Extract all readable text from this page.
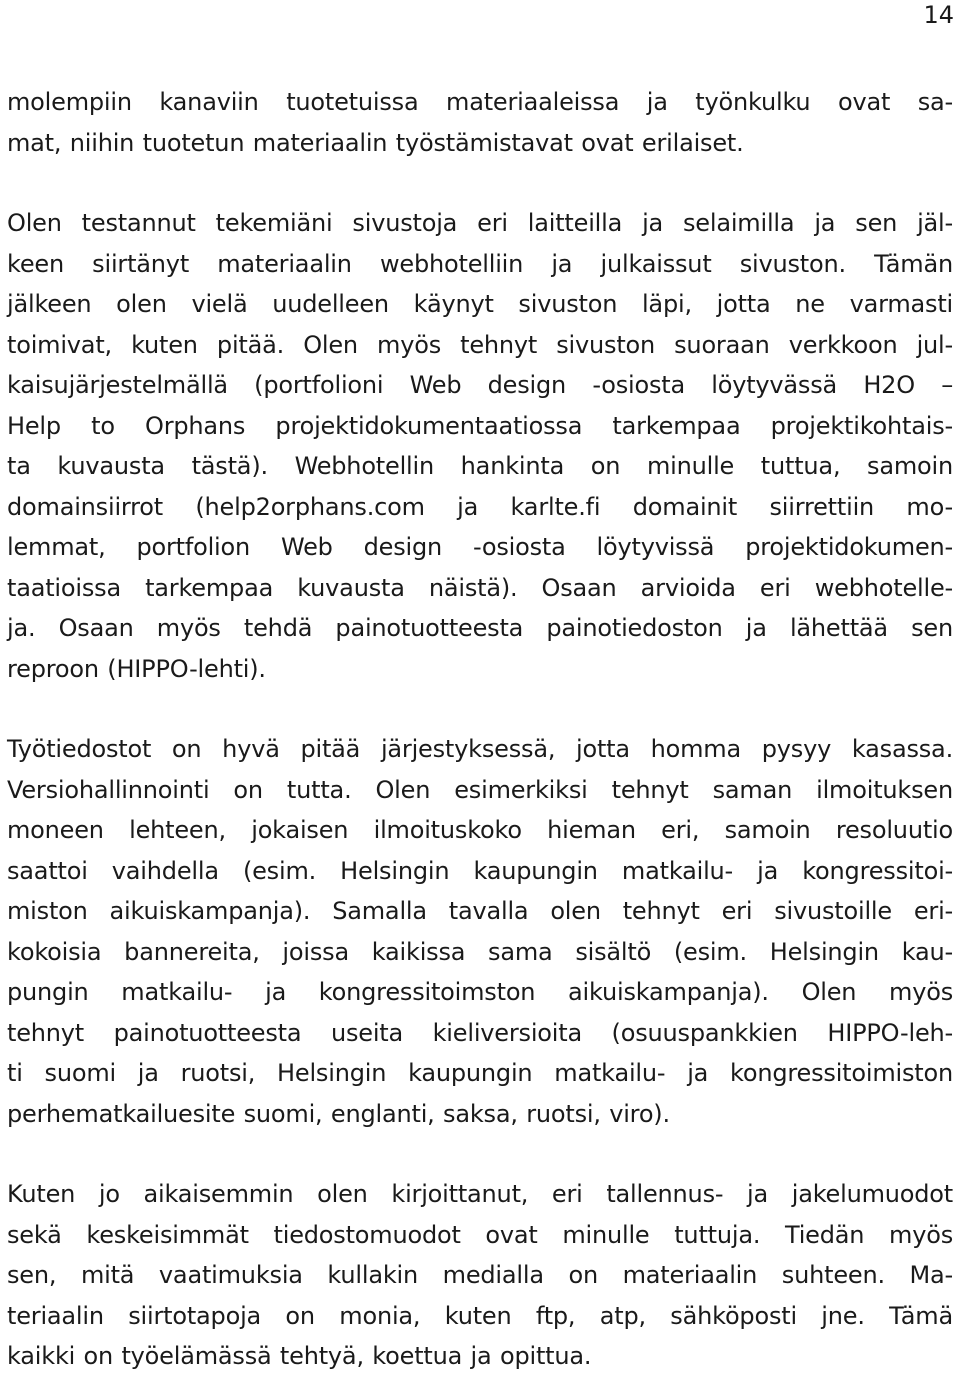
14

molempiin kanaviin tuotetuissa materiaaleissa ja työnkulku ovat sa-
mat, niihin tuotetun materiaalin työstämistavat ovat erilaiset.

Olen testannut tekemiäni sivustoja eri laitteilla ja selaimilla ja sen jäl-
keen siirtänyt materiaalin webhotelliin ja julkaissut sivuston. Tämän
jälkeen olen vielä uudelleen käynyt sivuston läpi, jotta ne varmasti
toimivat, kuten pitää. Olen myös tehnyt sivuston suoraan verkkoon jul-
kaisujärjestelmällä (portfolioni Web design -osiosta löytyvässä H2O –
Help to Orphans projektidokumentaatiossa tarkempaa projektikohtais-
ta kuvausta tästä). Webhotellin hankinta on minulle tuttua, samoin
domainsiirrot (help2orphans.com ja karlte.fi domainit siirrettiin mo-
lemmat, portfolion Web design -osiosta löytyvissä projektidokumen-
taatioissa tarkempaa kuvausta näistä). Osaan arvioida eri webhotelle-
ja. Osaan myös tehdä painotuotteesta painotiedoston ja lähettää sen
reproon (HIPPO-lehti).

Työtiedostot on hyvä pitää järjestyksessä, jotta homma pysyy kasassa.
Versiohallinnointi on tutta. Olen esimerkiksi tehnyt saman ilmoituksen
moneen lehteen, jokaisen ilmoituskoko hieman eri, samoin resoluutio
saattoi vaihdella (esim. Helsingin kaupungin matkailu- ja kongressitoi-
miston aikuiskampanja). Samalla tavalla olen tehnyt eri sivustoille eri-
kokoisia bannereita, joissa kaikissa sama sisältö (esim. Helsingin kau-
pungin matkailu- ja kongressitoimston aikuiskampanja). Olen myös
tehnyt painotuotteesta useita kieliversioita (osuuspankkien HIPPO-leh-
ti suomi ja ruotsi, Helsingin kaupungin matkailu- ja kongressitoimiston
perhematkailuesite suomi, englanti, saksa, ruotsi, viro).

Kuten jo aikaisemmin olen kirjoittanut, eri tallennus- ja jakelumuodot
sekä keskeisimmät tiedostomuodot ovat minulle tuttuja. Tiedän myös
sen, mitä vaatimuksia kullakin medialla on materiaalin suhteen. Ma-
teriaalin siirtotapoja on monia, kuten ftp, atp, sähköposti jne. Tämä
kaikki on työelämässä tehtyä, koettua ja opittua.
